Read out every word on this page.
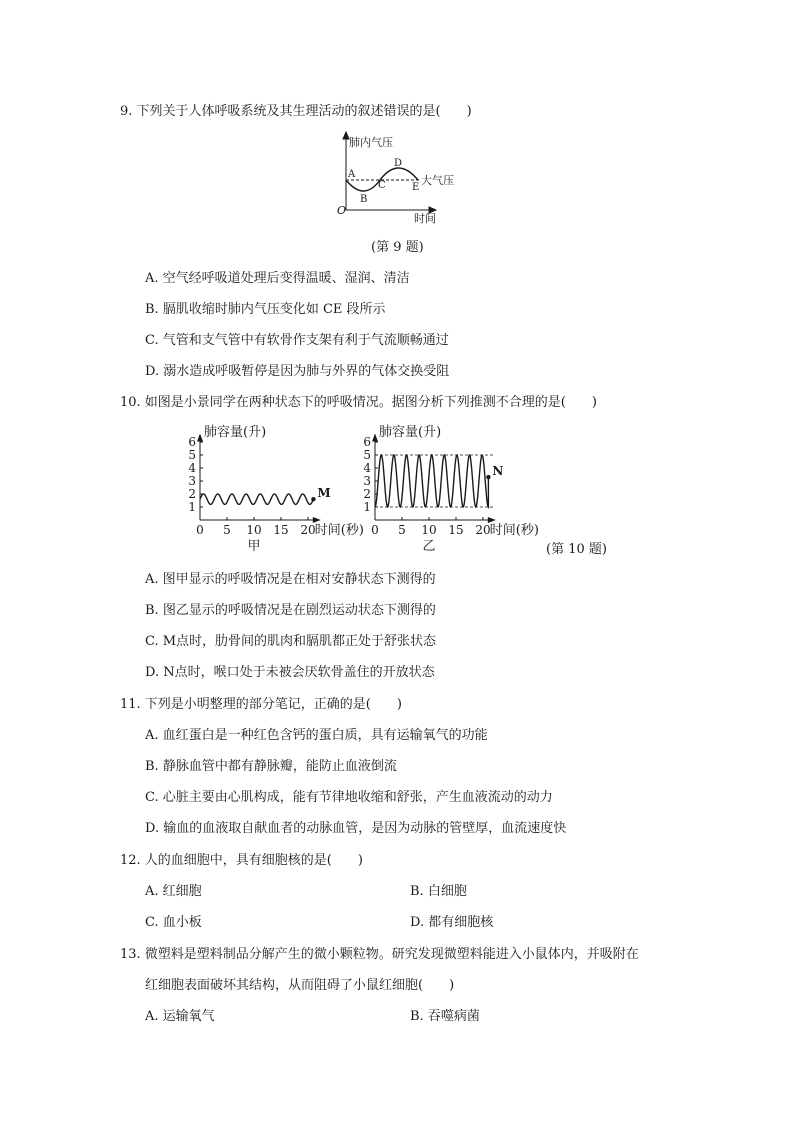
9. 下列关于人体呼吸系统及其生理活动的叙述错误的是(　　)
肺内气压
大气压
时间
O
A
B
C
D
E
(第 9 题)
A. 空气经呼吸道处理后变得温暖、湿润、清洁
B. 膈肌收缩时肺内气压变化如 CE 段所示
C. 气管和支气管中有软骨作支架有利于气流顺畅通过
D. 溺水造成呼吸暂停是因为肺与外界的气体交换受阻
10. 如图是小景同学在两种状态下的呼吸情况。据图分析下列推测不合理的是(　　)
1
2
3
4
5
6
0 5 10 15 20
M
肺容量(升)
时间(秒)
甲
1
2
3
4
5
6
0 5 10 15 20
N
肺容量(升)
时间(秒)
乙	(第 10 题)
A. 图甲显示的呼吸情况是在相对安静状态下测得的
B. 图乙显示的呼吸情况是在剧烈运动状态下测得的
C. M点时，肋骨间的肌肉和膈肌都正处于舒张状态
D. N点时，喉口处于未被会厌软骨盖住的开放状态
11. 下列是小明整理的部分笔记，正确的是(　　)
A. 血红蛋白是一种红色含钙的蛋白质，具有运输氧气的功能
B. 静脉血管中都有静脉瓣，能防止血液倒流
C. 心脏主要由心肌构成，能有节律地收缩和舒张，产生血液流动的动力
D. 输血的血液取自献血者的动脉血管，是因为动脉的管壁厚，血流速度快
12. 人的血细胞中，具有细胞核的是(　　)
A. 红细胞	B. 白细胞
C. 血小板	D. 都有细胞核
13. 微塑料是塑料制品分解产生的微小颗粒物。研究发现微塑料能进入小鼠体内，并吸附在
红细胞表面破坏其结构，从而阻碍了小鼠红细胞(　　)
A. 运输氧气	B. 吞噬病菌
